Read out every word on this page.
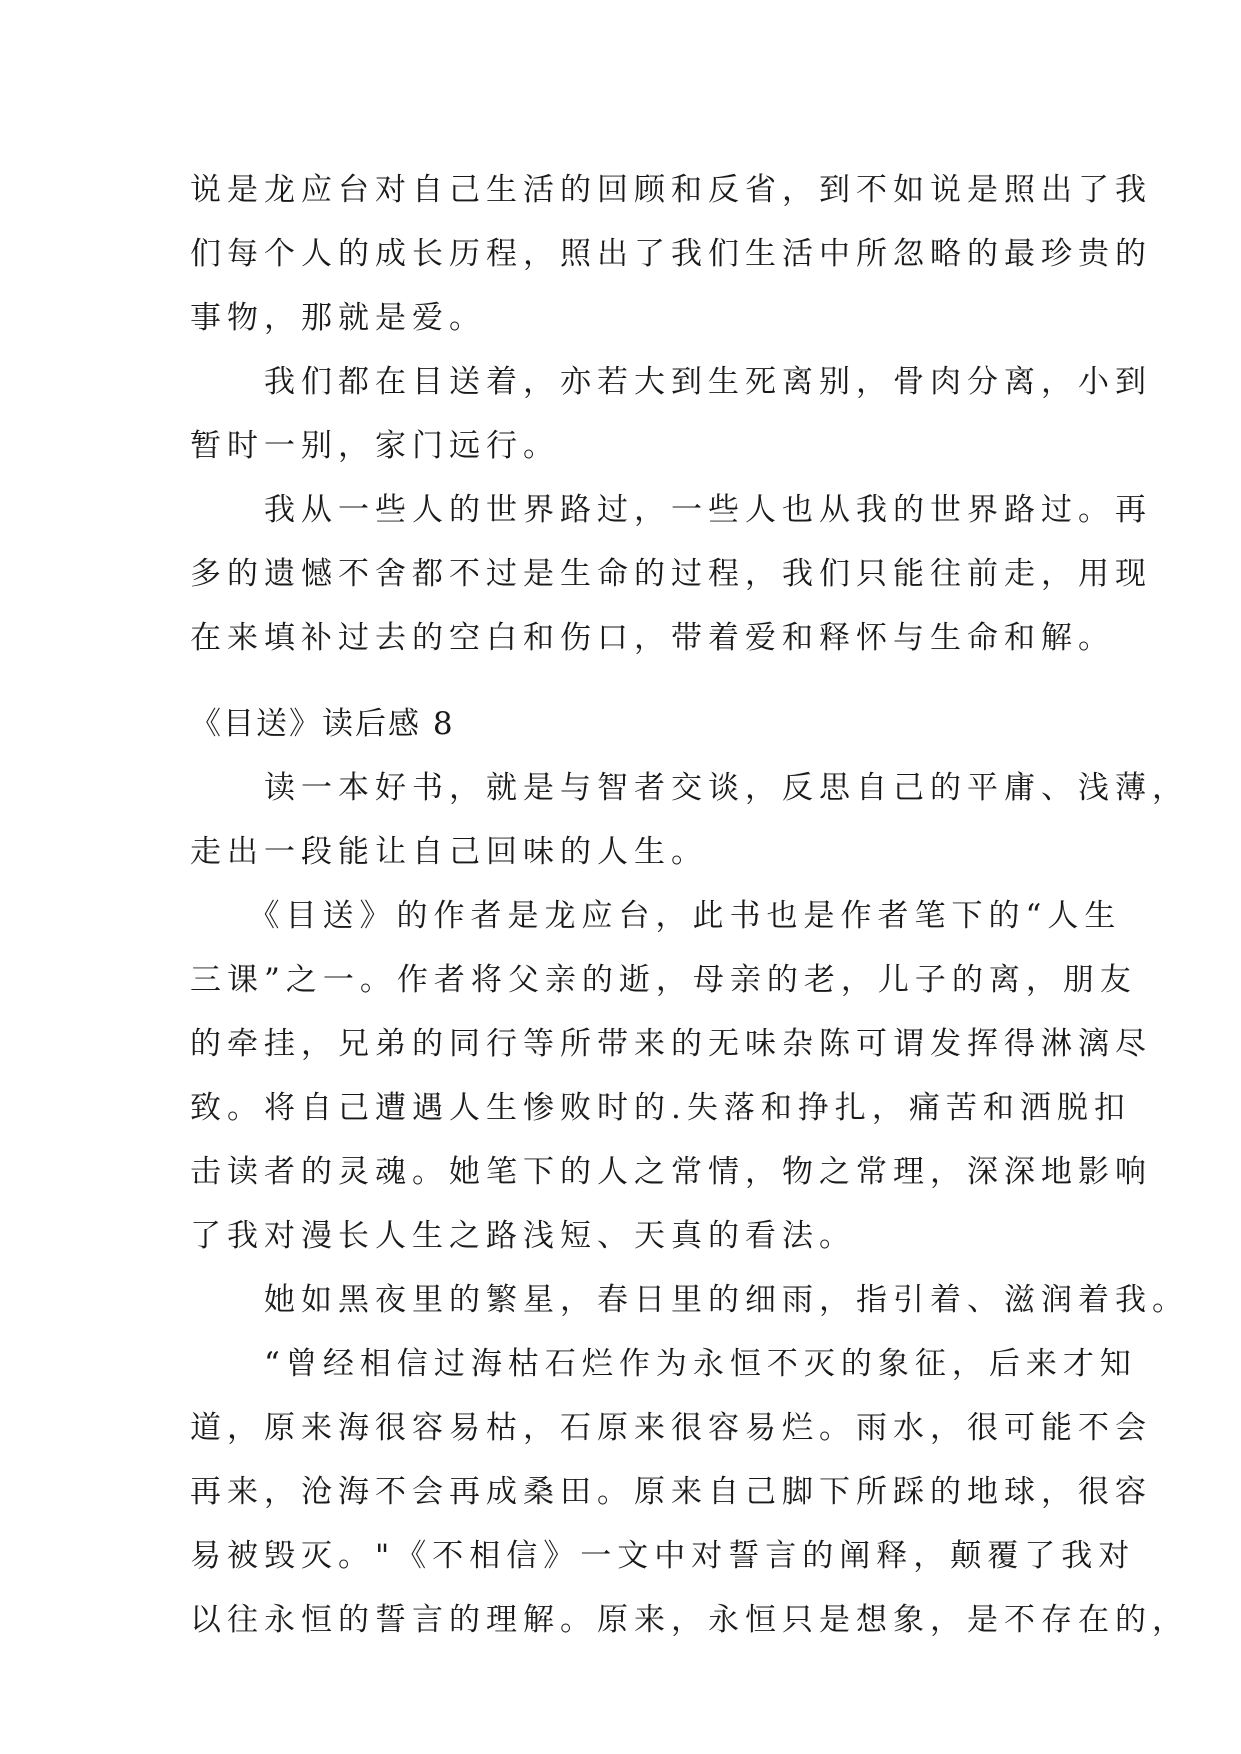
说是龙应台对自己生活的回顾和反省，到不如说是照出了我
们每个人的成长历程，照出了我们生活中所忽略的最珍贵的
事物，那就是爱。
　　我们都在目送着，亦若大到生死离别，骨肉分离，小到
暂时一别，家门远行。
　　我从一些人的世界路过，一些人也从我的世界路过。再
多的遗憾不舍都不过是生命的过程，我们只能往前走，用现
在来填补过去的空白和伤口，带着爱和释怀与生命和解。
《目送》读后感 8
　　读一本好书，就是与智者交谈，反思自己的平庸、浅薄，
走出一段能让自己回味的人生。
　　《目送》的作者是龙应台，此书也是作者笔下的“人生
三课”之一。作者将父亲的逝，母亲的老，儿子的离，朋友
的牵挂，兄弟的同行等所带来的无味杂陈可谓发挥得淋漓尽
致。将自己遭遇人生惨败时的.失落和挣扎，痛苦和洒脱扣
击读者的灵魂。她笔下的人之常情，物之常理，深深地影响
了我对漫长人生之路浅短、天真的看法。
　　她如黑夜里的繁星，春日里的细雨，指引着、滋润着我。
　　“曾经相信过海枯石烂作为永恒不灭的象征，后来才知
道，原来海很容易枯，石原来很容易烂。雨水，很可能不会
再来，沧海不会再成桑田。原来自己脚下所踩的地球，很容
易被毁灭。"《不相信》一文中对誓言的阐释，颠覆了我对
以往永恒的誓言的理解。原来，永恒只是想象，是不存在的，
